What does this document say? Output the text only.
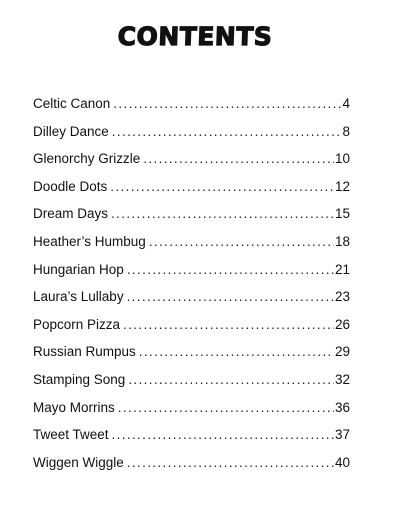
CONTENTS
Celtic Canon . . .	4
Dilley Dance . . .	8
Glenorchy Grizzle . . .	10
Doodle Dots . . .	12
Dream Days . . .	15
Heather’s Humbug . . .	18
Hungarian Hop . . .	21
Laura’s Lullaby . . .	23
Popcorn Pizza . . .	26
Russian Rumpus . . .	29
Stamping Song . . .	32
Mayo Morrins . . .	36
Tweet Tweet . . .	37
Wiggen Wiggle . . .	40
